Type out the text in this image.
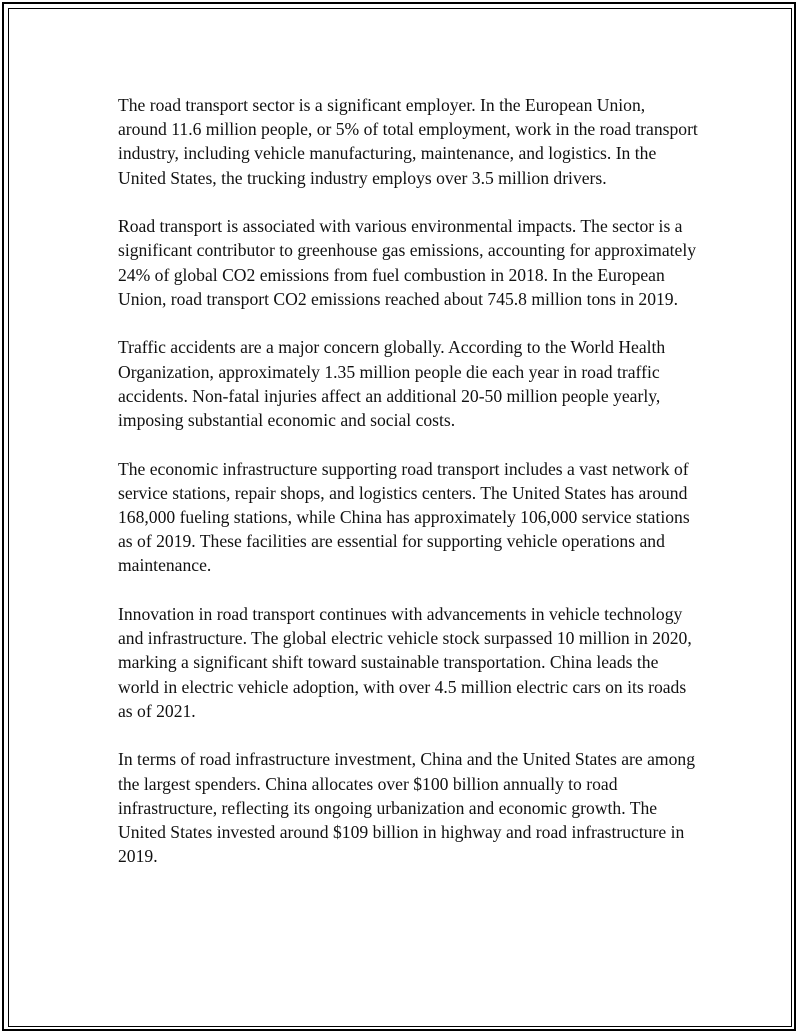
The road transport sector is a significant employer. In the European Union, around 11.6 million people, or 5% of total employment, work in the road transport industry, including vehicle manufacturing, maintenance, and logistics. In the United States, the trucking industry employs over 3.5 million drivers.

Road transport is associated with various environmental impacts. The sector is a significant contributor to greenhouse gas emissions, accounting for approximately 24% of global CO2 emissions from fuel combustion in 2018. In the European Union, road transport CO2 emissions reached about 745.8 million tons in 2019.

Traffic accidents are a major concern globally. According to the World Health Organization, approximately 1.35 million people die each year in road traffic accidents. Non-fatal injuries affect an additional 20-50 million people yearly, imposing substantial economic and social costs.

The economic infrastructure supporting road transport includes a vast network of service stations, repair shops, and logistics centers. The United States has around 168,000 fueling stations, while China has approximately 106,000 service stations as of 2019. These facilities are essential for supporting vehicle operations and maintenance.

Innovation in road transport continues with advancements in vehicle technology and infrastructure. The global electric vehicle stock surpassed 10 million in 2020, marking a significant shift toward sustainable transportation. China leads the world in electric vehicle adoption, with over 4.5 million electric cars on its roads as of 2021.

In terms of road infrastructure investment, China and the United States are among the largest spenders. China allocates over $100 billion annually to road infrastructure, reflecting its ongoing urbanization and economic growth. The United States invested around $109 billion in highway and road infrastructure in 2019.
